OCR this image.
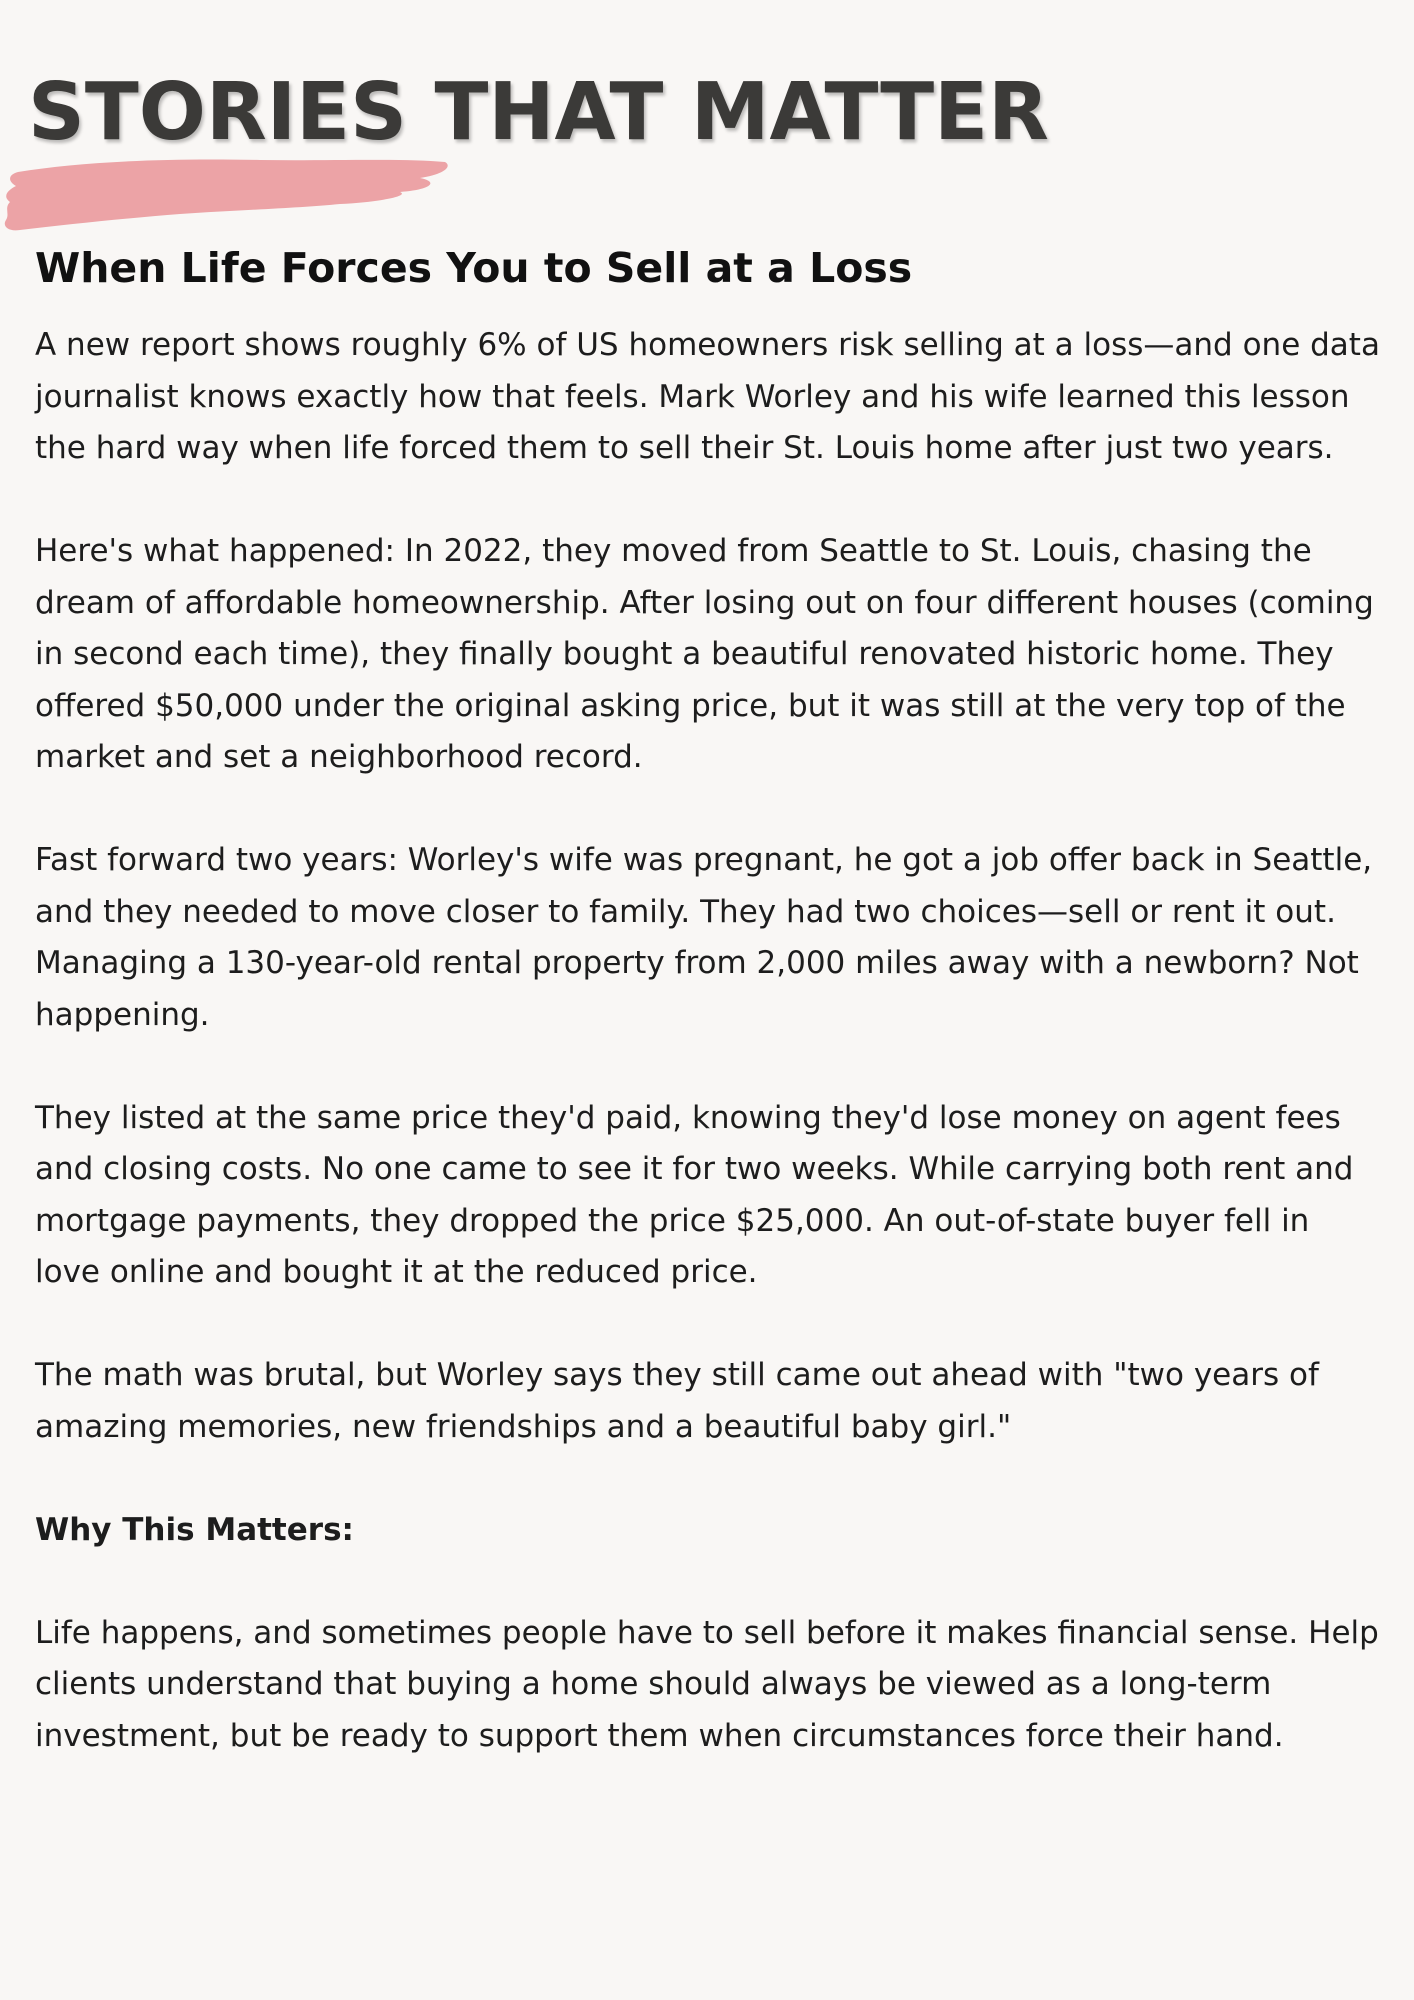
STORIES THAT MATTER
When Life Forces You to Sell at a Loss

A new report shows roughly 6% of US homeowners risk selling at a loss—and one data journalist knows exactly how that feels. Mark Worley and his wife learned this lesson the hard way when life forced them to sell their St. Louis home after just two years.

Here's what happened: In 2022, they moved from Seattle to St. Louis, chasing the dream of affordable homeownership. After losing out on four different houses (coming in second each time), they finally bought a beautiful renovated historic home. They offered $50,000 under the original asking price, but it was still at the very top of the market and set a neighborhood record.

Fast forward two years: Worley's wife was pregnant, he got a job offer back in Seattle, and they needed to move closer to family. They had two choices—sell or rent it out. Managing a 130-year-old rental property from 2,000 miles away with a newborn? Not happening.

They listed at the same price they'd paid, knowing they'd lose money on agent fees and closing costs. No one came to see it for two weeks. While carrying both rent and mortgage payments, they dropped the price $25,000. An out-of-state buyer fell in love online and bought it at the reduced price.

The math was brutal, but Worley says they still came out ahead with "two years of amazing memories, new friendships and a beautiful baby girl."

Why This Matters:

Life happens, and sometimes people have to sell before it makes financial sense. Help clients understand that buying a home should always be viewed as a long-term investment, but be ready to support them when circumstances force their hand.
